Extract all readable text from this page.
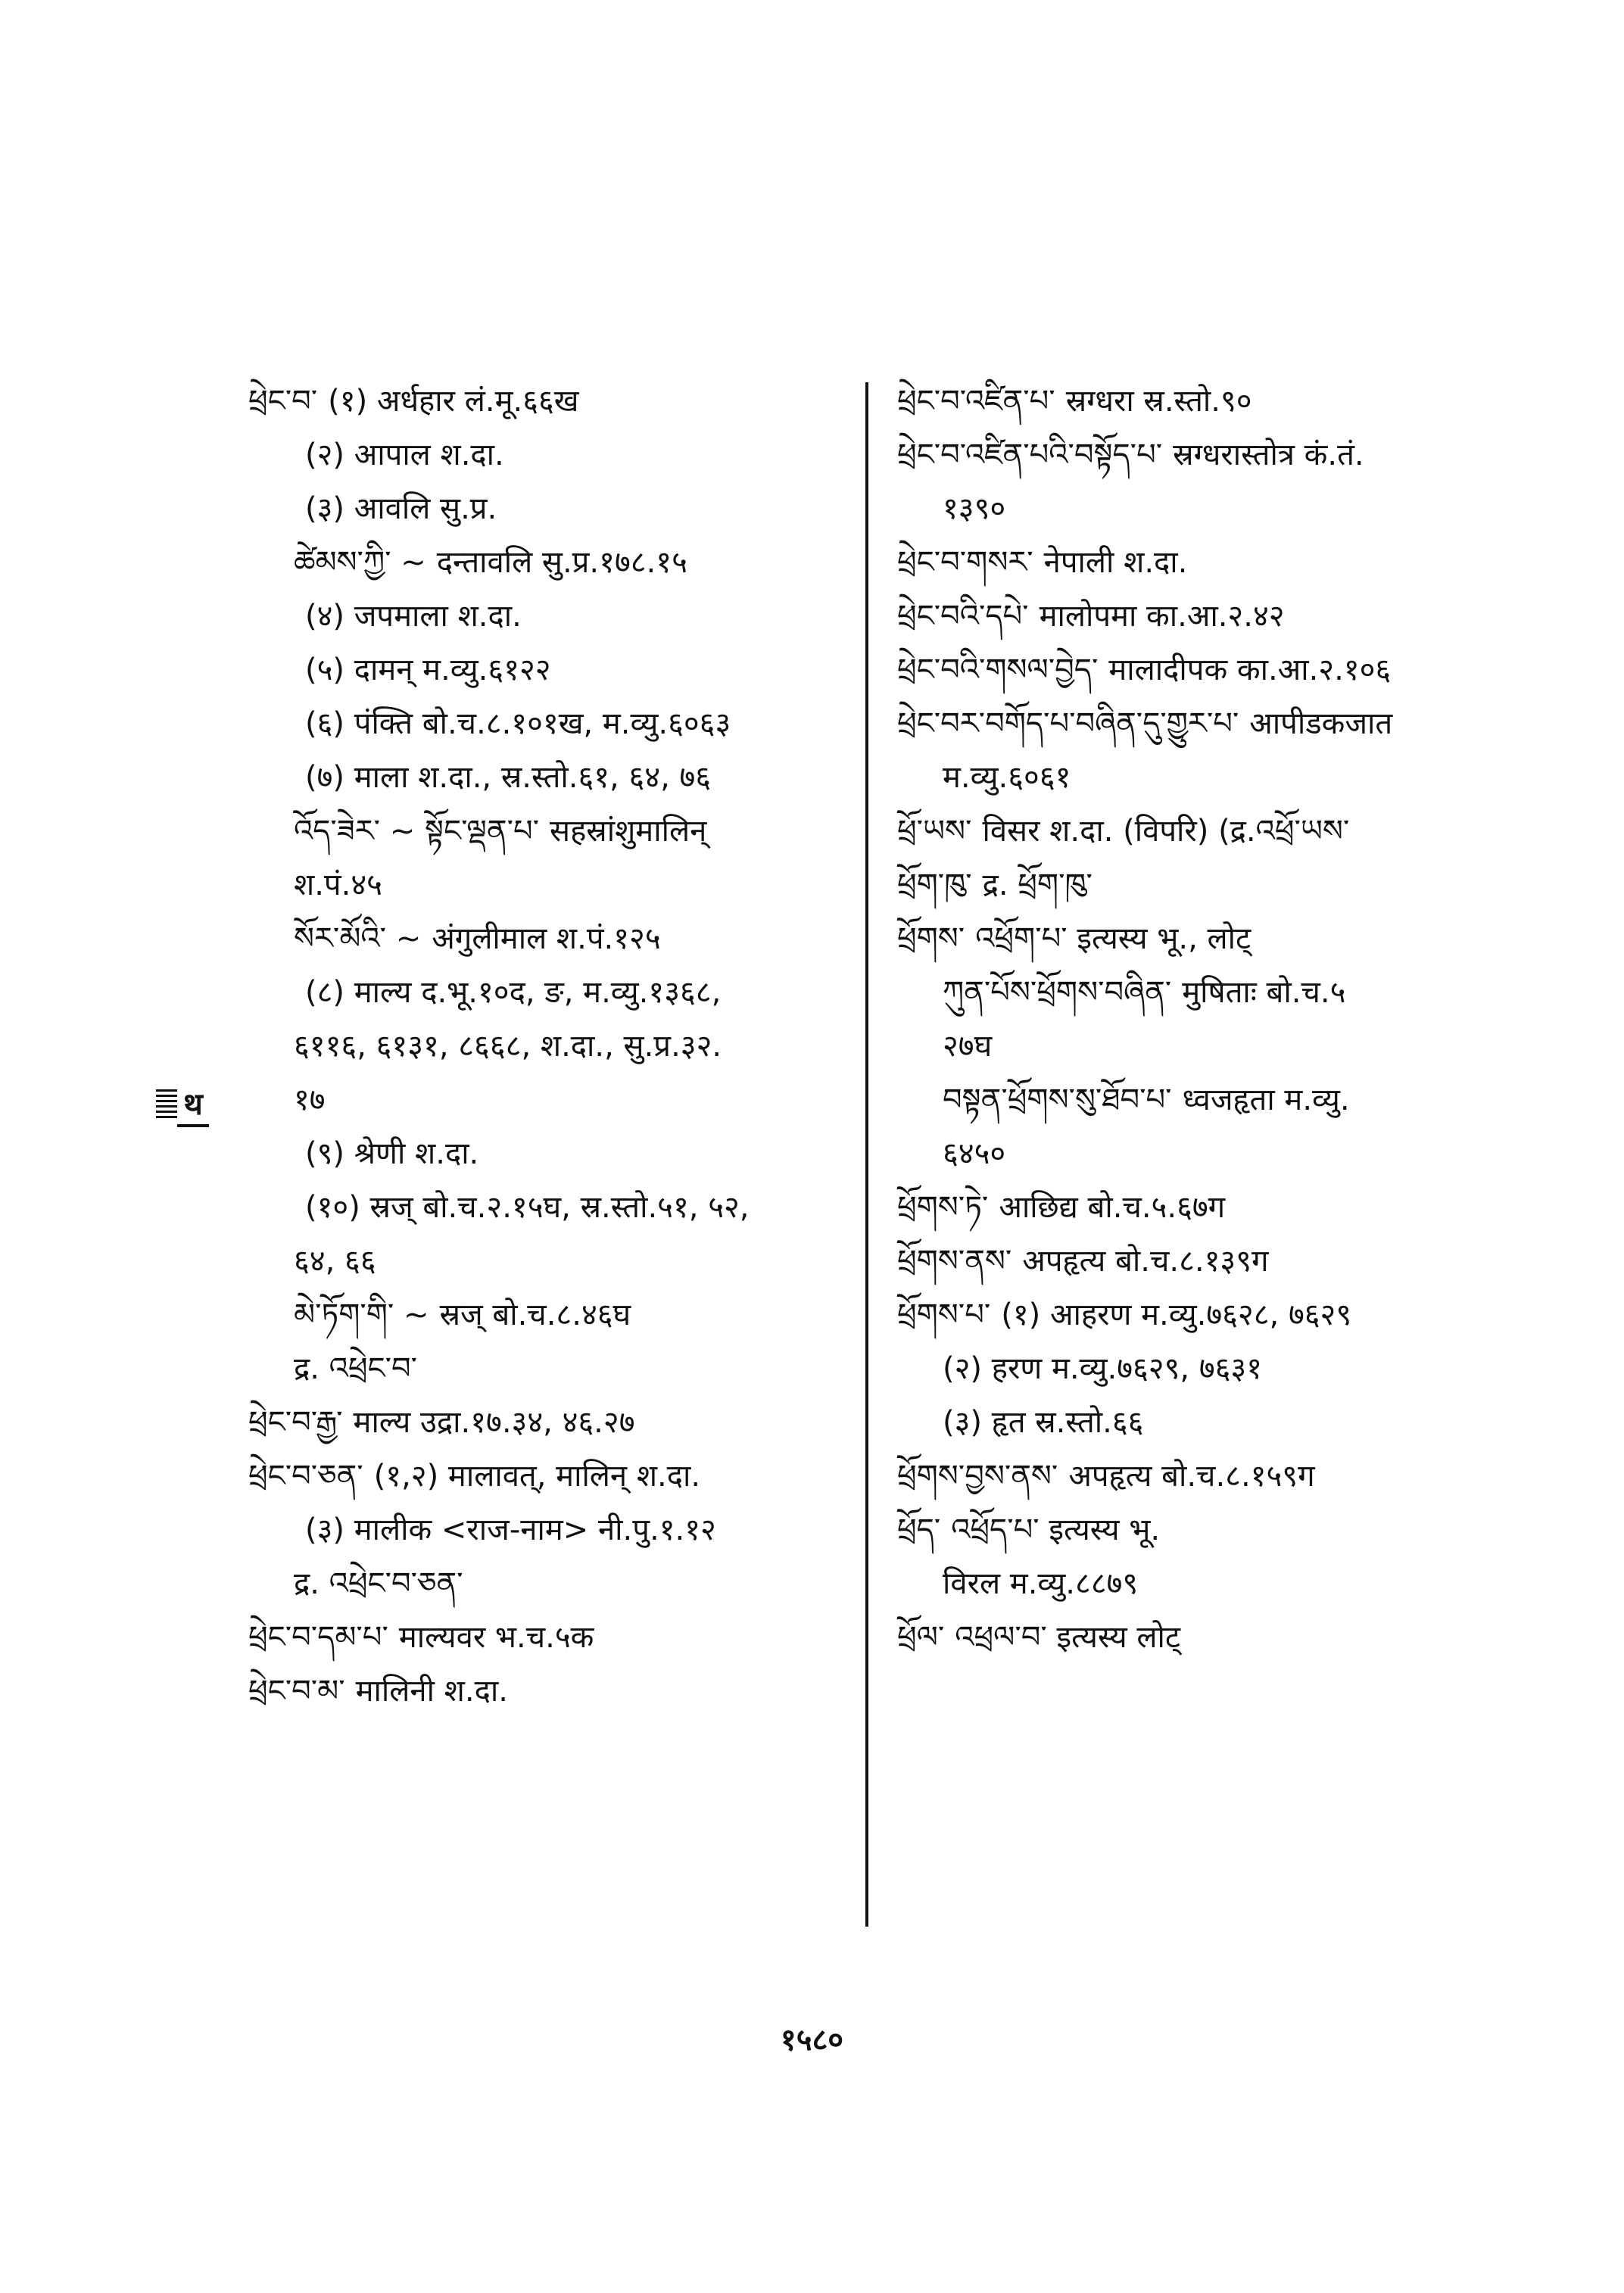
ཕྲེང་བ་ (१) अर्धहार लं.मू.६६ख
(२) आपाल श.दा.
(३) आवलि सु.प्र.
ཚེམས་ཀྱི་ ~ दन्तावलि सु.प्र.१७८.१५
(४) जपमाला श.दा.
(५) दामन् म.व्यु.६१२२
(६) पंक्ति बो.च.८.१०१ख, म.व्यु.६०६३
(७) माला श.दा., स्र.स्तो.६१, ६४, ७६
འོད་ཟེར་ ~ སྟོང་ལྡན་པ་ सहस्रांशुमालिन्
श.पं.४५
སོར་མོའི་ ~ अंगुलीमाल श.पं.१२५
(८) माल्य द.भू.१०द, ङ, म.व्यु.१३६८,
६११६, ६१३१, ८६६८, श.दा., सु.प्र.३२.
१७
(९) श्रेणी श.दा.
(१०) स्रज् बो.च.२.१५घ, स्र.स्तो.५१, ५२,
६४, ६६
མེ་ཏོག་གི་ ~ स्रज् बो.च.८.४६घ
द्र. འཕྲེང་བ་
ཕྲེང་བ་རྒྱ་ माल्य उद्रा.१७.३४, ४६.२७
ཕྲེང་བ་ཅན་ (१,२) मालावत्, मालिन् श.दा.
(३) मालीक <राज-नाम> नी.पु.१.१२
द्र. འཕྲེང་བ་ཅན་
ཕྲེང་བ་དམ་པ་ माल्यवर भ.च.५क
ཕྲེང་བ་མ་ मालिनी श.दा.
ཕྲེང་བ་འཛིན་པ་ स्रग्धरा स्र.स्तो.९०
ཕྲེང་བ་འཛིན་པའི་བསྟོད་པ་ स्रग्धरास्तोत्र कं.तं.
१३९०
ཕྲེང་བ་གསར་ नेपाली श.दा.
ཕྲེང་བའི་དཔེ་ मालोपमा का.आ.२.४२
ཕྲེང་བའི་གསལ་བྱེད་ मालादीपक का.आ.२.१०६
ཕྲེང་བར་བགོད་པ་བཞིན་དུ་གྱུར་པ་ आपीडकजात
म.व्यु.६०६१
ཕྲོ་ཡས་ विसर श.दा. (विपरि) (द्र.འཕྲོ་ཡས་
ཕྲོག་ཁུ་ द्र. ཕྲོག་ཁུ་
ཕྲོགས་ འཕྲོག་པ་ इत्यस्य भू., लोट्
ཀུན་པོས་ཕྲོགས་བཞིན་ मुषिताः बो.च.५
२७घ
བསྟན་ཕྲོགས་སུ་ཐོབ་པ་ ध्वजहृता म.व्यु.
६४५०
ཕྲོགས་ཏེ་ आछिद्य बो.च.५.६७ग
ཕྲོགས་ནས་ अपहृत्य बो.च.८.१३९ग
ཕྲོགས་པ་ (१) आहरण म.व्यु.७६२८, ७६२९
(२) हरण म.व्यु.७६२९, ७६३१
(३) हृत स्र.स्तो.६६
ཕྲོགས་བྱས་ནས་ अपहृत्य बो.च.८.१५९ग
ཕྲོད་ འཕྲོད་པ་ इत्यस्य भू.
विरल म.व्यु.८८७९
ཕྲོལ་ འཕྲལ་བ་ इत्यस्य लोट्
थ
१५८०
